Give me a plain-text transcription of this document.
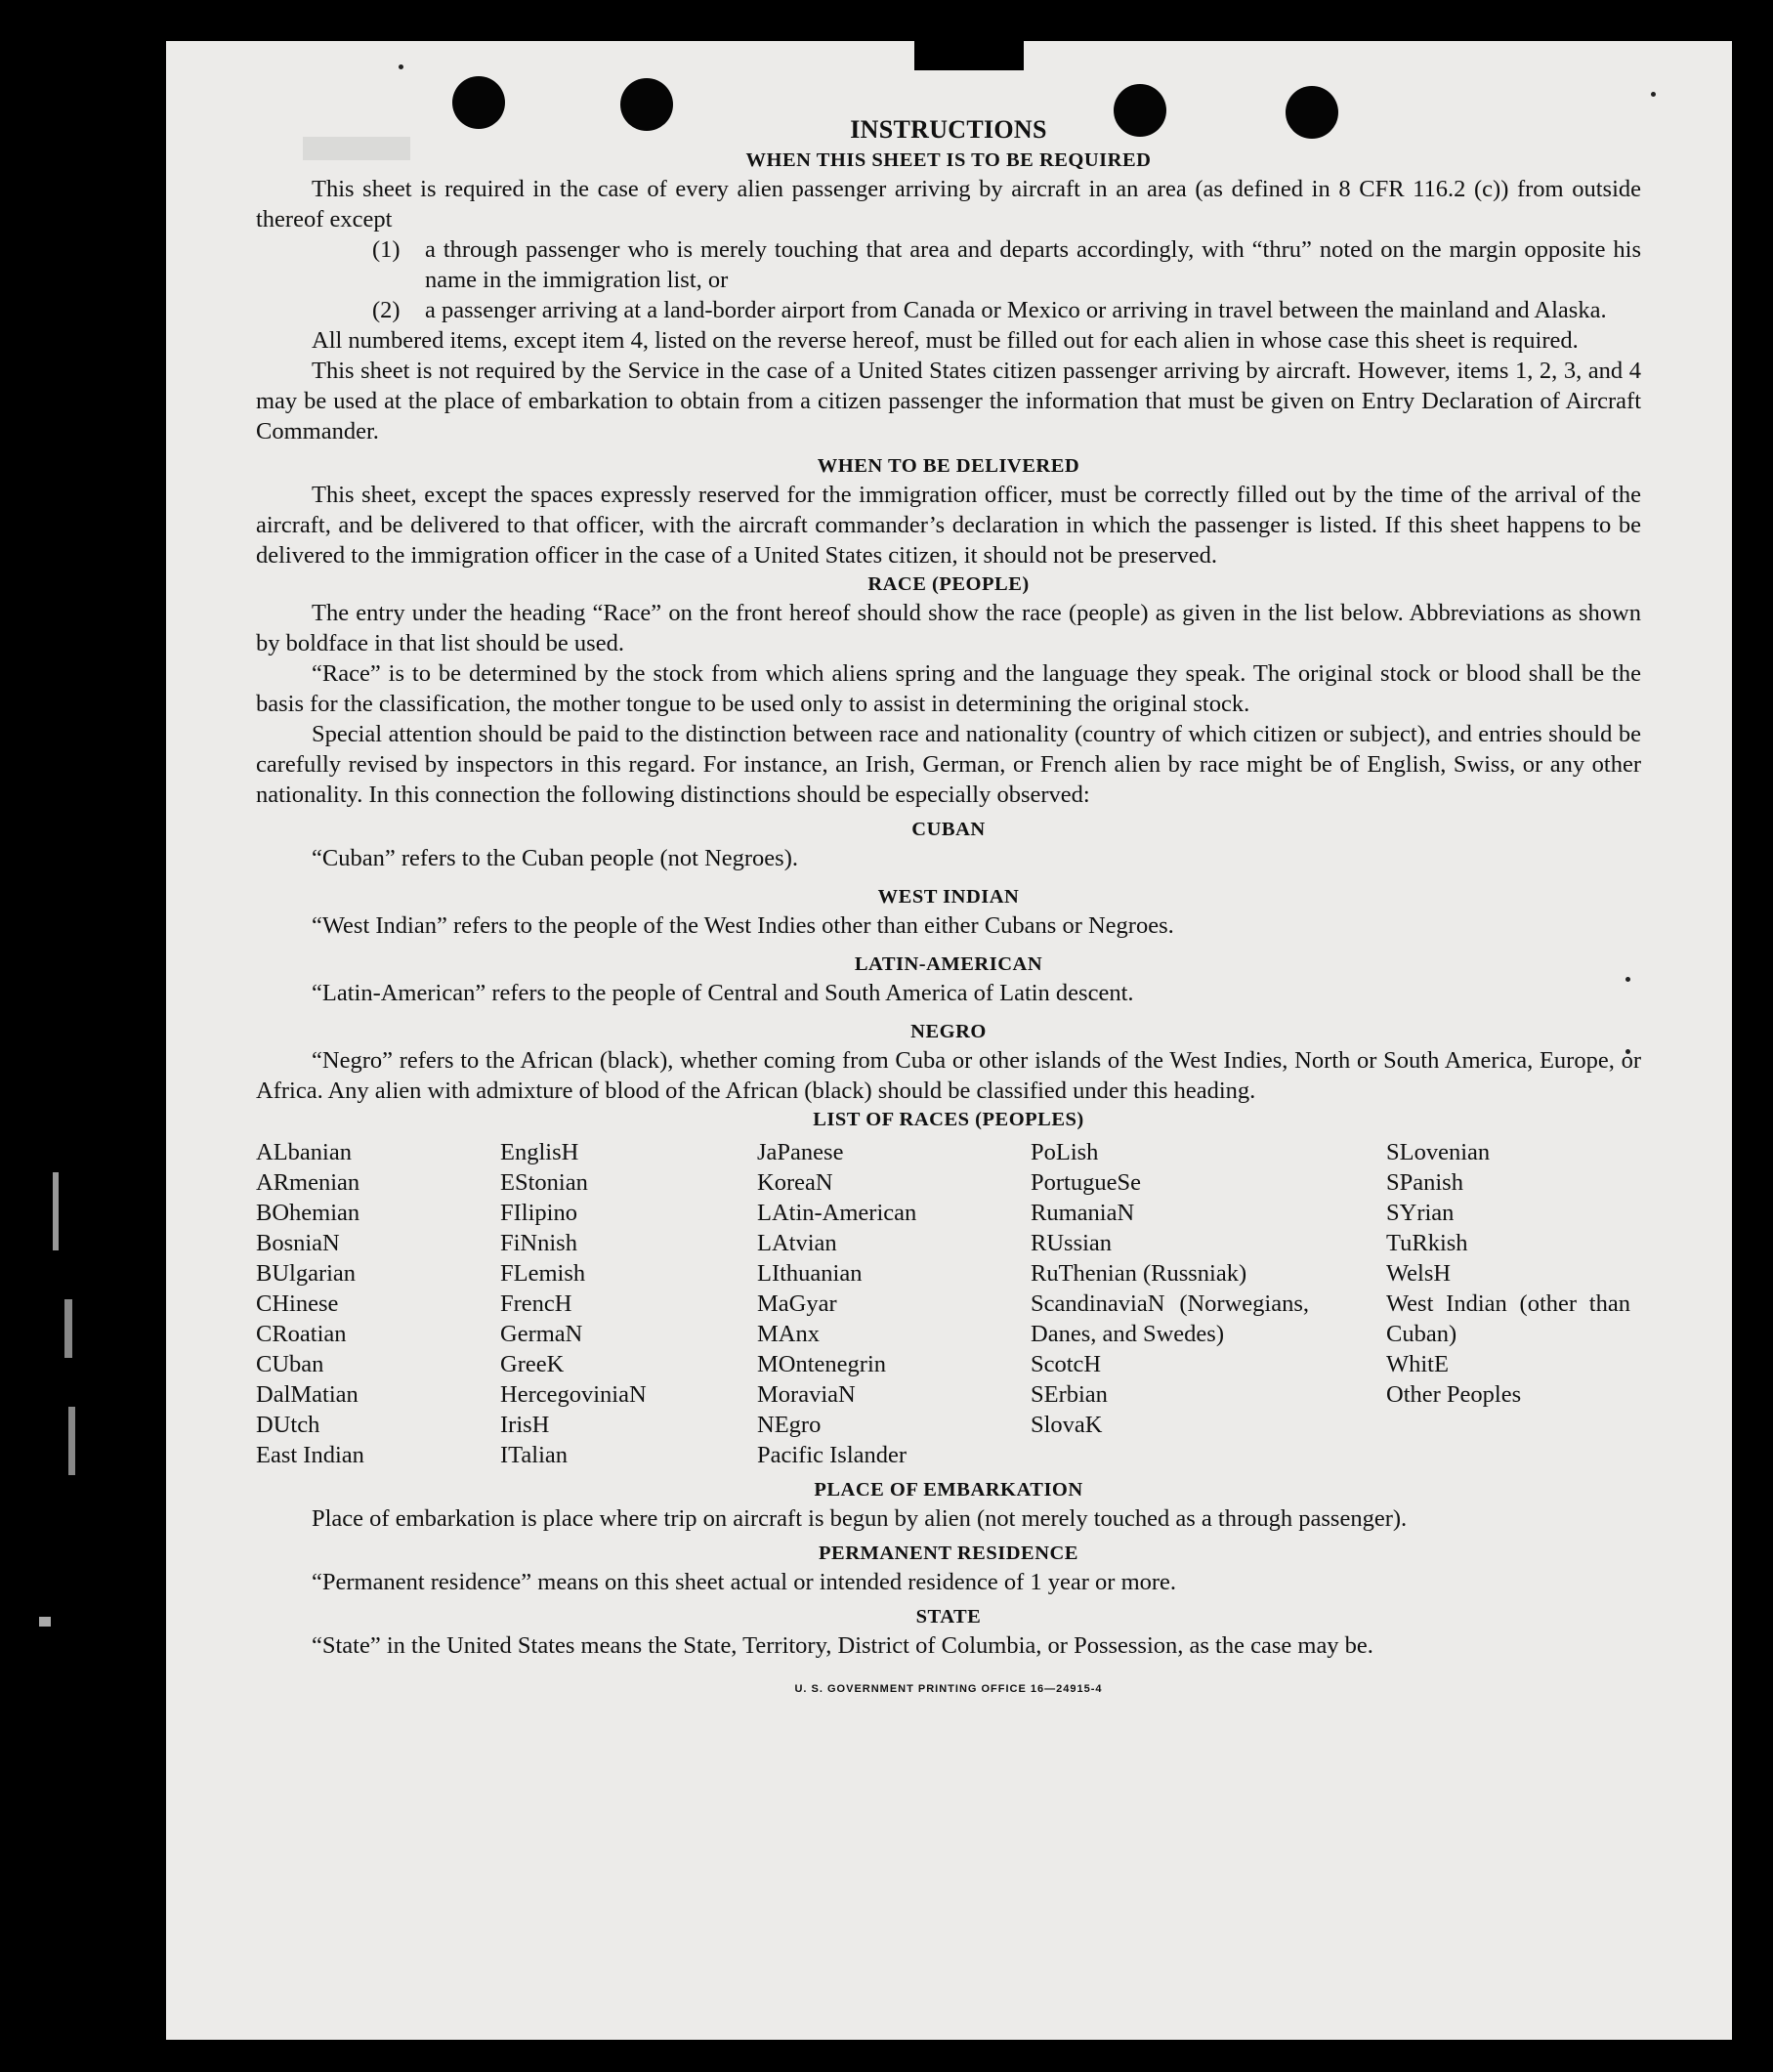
INSTRUCTIONS
WHEN THIS SHEET IS TO BE REQUIRED
This sheet is required in the case of every alien passenger arriving by aircraft in an area (as defined in 8 CFR 116.2 (c)) from outside thereof except
(1)	a through passenger who is merely touching that area and departs accordingly, with “thru” noted on the margin opposite his name in the immigration list, or
(2)	a passenger arriving at a land-border airport from Canada or Mexico or arriving in travel between the mainland and Alaska.
All numbered items, except item 4, listed on the reverse hereof, must be filled out for each alien in whose case this sheet is required.
This sheet is not required by the Service in the case of a United States citizen passenger arriving by aircraft. However, items 1, 2, 3, and 4 may be used at the place of embarkation to obtain from a citizen passenger the information that must be given on Entry Declaration of Aircraft Commander.
WHEN TO BE DELIVERED
This sheet, except the spaces expressly reserved for the immigration officer, must be correctly filled out by the time of the arrival of the aircraft, and be delivered to that officer, with the aircraft commander’s declaration in which the passenger is listed. If this sheet happens to be delivered to the immigration officer in the case of a United States citizen, it should not be preserved.
RACE (PEOPLE)
The entry under the heading “Race” on the front hereof should show the race (people) as given in the list below. Abbreviations as shown by boldface in that list should be used.
“Race” is to be determined by the stock from which aliens spring and the language they speak. The original stock or blood shall be the basis for the classification, the mother tongue to be used only to assist in determining the original stock.
Special attention should be paid to the distinction between race and nationality (country of which citizen or subject), and entries should be carefully revised by inspectors in this regard. For instance, an Irish, German, or French alien by race might be of English, Swiss, or any other nationality. In this connection the following distinctions should be especially observed:
CUBAN
“Cuban” refers to the Cuban people (not Negroes).
WEST INDIAN
“West Indian” refers to the people of the West Indies other than either Cubans or Negroes.
LATIN-AMERICAN
“Latin-American” refers to the people of Central and South America of Latin descent.
NEGRO
“Negro” refers to the African (black), whether coming from Cuba or other islands of the West Indies, North or South America, Europe, or Africa. Any alien with admixture of blood of the African (black) should be classified under this heading.
LIST OF RACES (PEOPLES)
ALbanian
ARmenian
BOhemian
BosniaN
BUlgarian
CHinese
CRoatian
CUban
DalMatian
DUtch
East Indian
EnglisH
EStonian
FIlipino
FiNnish
FLemish
FrencH
GermaN
GreeK
HercegoviniaN
IrisH
ITalian
JaPanese
KoreaN
LAtin-American
LAtvian
LIthuanian
MaGyar
MAnx
MOntenegrin
MoraviaN
NEgro
Pacific Islander
PoLish
PortugueSe
RumaniaN
RUssian
RuThenian (Russniak)
ScandinaviaN (Norwegians, Danes, and Swedes)
ScotcH
SErbian
SlovaK
SLovenian
SPanish
SYrian
TuRkish
WelsH
West Indian (other than Cuban)
WhitE
Other Peoples
PLACE OF EMBARKATION
Place of embarkation is place where trip on aircraft is begun by alien (not merely touched as a through passenger).
PERMANENT RESIDENCE
“Permanent residence” means on this sheet actual or intended residence of 1 year or more.
STATE
“State” in the United States means the State, Territory, District of Columbia, or Possession, as the case may be.
U. S. GOVERNMENT PRINTING OFFICE 16—24915-4
